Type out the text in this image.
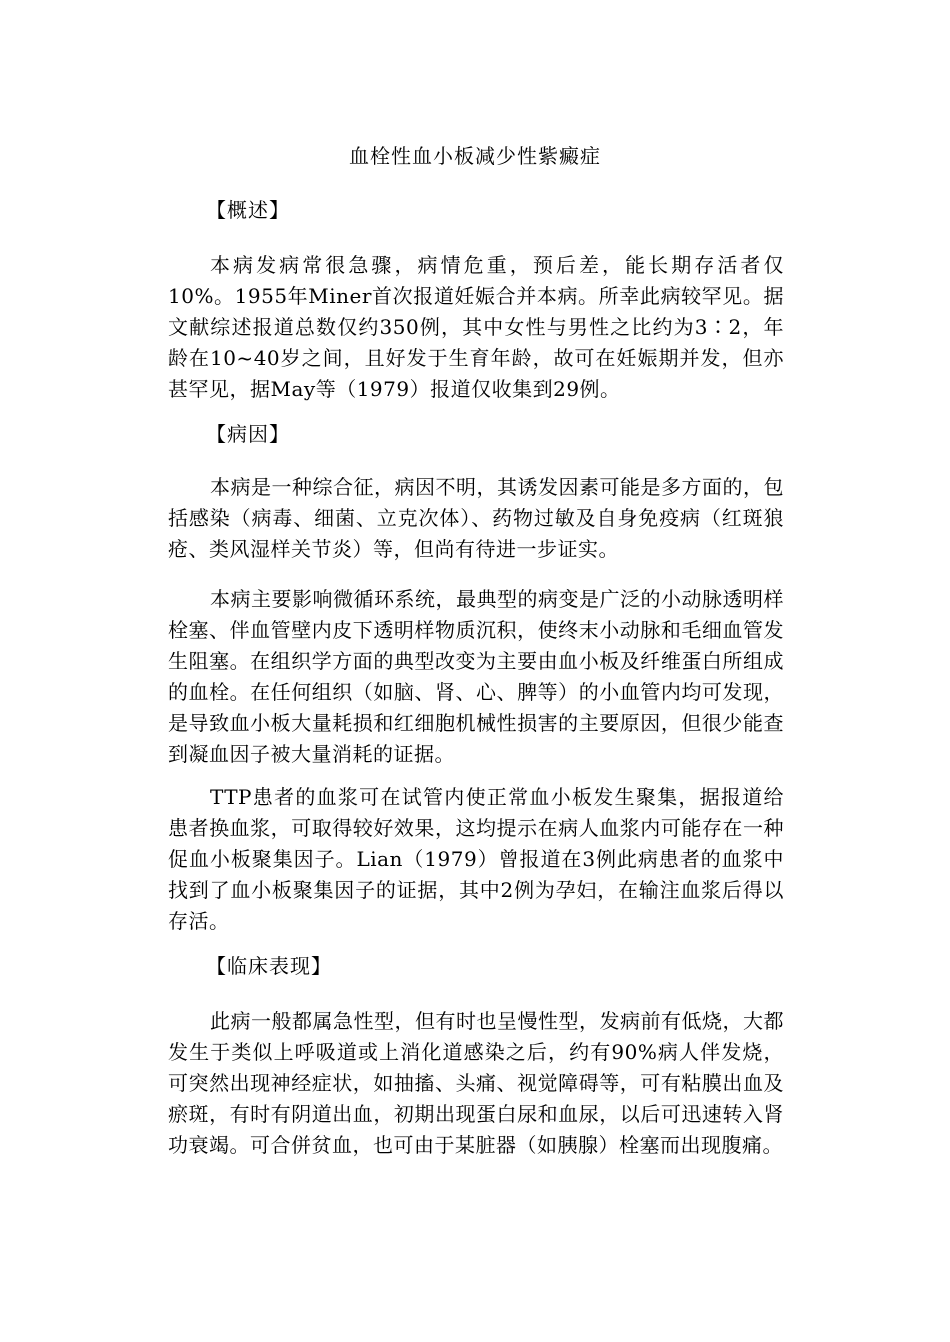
血栓性血小板减少性紫癜症
【概述】
本病发病常很急骤，病情危重，预后差，能长期存活者仅10%。1955年Miner首次报道妊娠合并本病。所幸此病较罕见。据文献综述报道总数仅约350例，其中女性与男性之比约为3∶2，年龄在10~40岁之间，且好发于生育年龄，故可在妊娠期并发，但亦甚罕见，据May等（1979）报道仅收集到29例。
【病因】
本病是一种综合征，病因不明，其诱发因素可能是多方面的，包括感染（病毒、细菌、立克次体）、药物过敏及自身免疫病（红斑狼疮、类风湿样关节炎）等，但尚有待进一步证实。
本病主要影响微循环系统，最典型的病变是广泛的小动脉透明样栓塞、伴血管壁内皮下透明样物质沉积，使终末小动脉和毛细血管发生阻塞。在组织学方面的典型改变为主要由血小板及纤维蛋白所组成的血栓。在任何组织（如脑、肾、心、脾等）的小血管内均可发现，是导致血小板大量耗损和红细胞机械性损害的主要原因，但很少能查到凝血因子被大量消耗的证据。
TTP患者的血浆可在试管内使正常血小板发生聚集，据报道给患者换血浆，可取得较好效果，这均提示在病人血浆内可能存在一种促血小板聚集因子。Lian（1979）曾报道在3例此病患者的血浆中找到了血小板聚集因子的证据，其中2例为孕妇，在输注血浆后得以存活。
【临床表现】
此病一般都属急性型，但有时也呈慢性型，发病前有低烧，大都发生于类似上呼吸道或上消化道感染之后，约有90%病人伴发烧，可突然出现神经症状，如抽搐、头痛、视觉障碍等，可有粘膜出血及瘀斑，有时有阴道出血，初期出现蛋白尿和血尿，以后可迅速转入肾功衰竭。可合併贫血，也可由于某脏器（如胰腺）栓塞而出现腹痛。
